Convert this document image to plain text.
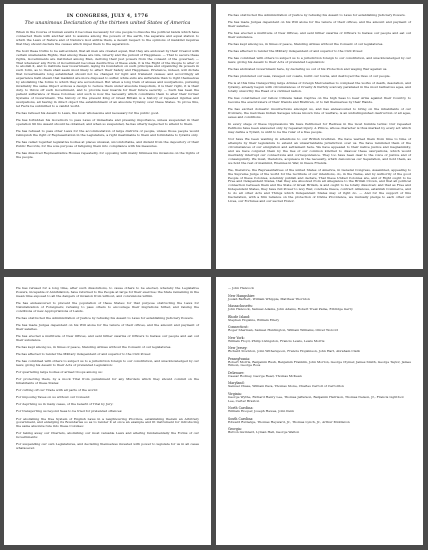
IN CONGRESS, JULY 4, 1776
The unanimous Declaration of the thirteen united States of America

When in the Course of human events it becomes necessary for one people to dissolve the political bands which have connected them with another and to assume among the powers of the earth, the separate and equal station to which the Laws of Nature and of Nature's God entitle them, a decent respect to the opinions of mankind requires that they should declare the causes which impel them to the separation.

We hold these truths to be self-evident, that all men are created equal, that they are endowed by their Creator with certain unalienable Rights, that among these are Life, Liberty and the pursuit of Happiness. — That to secure these rights, Governments are instituted among Men, deriving their just powers from the consent of the governed, — That whenever any Form of Government becomes destructive of these ends, it is the Right of the People to alter or to abolish it, and to institute new Government, laying its foundation on such principles and organizing its powers in such form, as to them shall seem most likely to effect their Safety and Happiness. Prudence, indeed, will dictate that Governments long established should not be changed for light and transient causes; and accordingly all experience hath shewn that mankind are more disposed to suffer, while evils are sufferable than to right themselves by abolishing the forms to which they are accustomed. But when a long train of abuses and usurpations, pursuing invariably the same Object evinces a design to reduce them under absolute Despotism, it is their right, it is their duty, to throw off such Government, and to provide new Guards for their future security. — Such has been the patient sufferance of these Colonies; and such is now the necessity which constrains them to alter their former Systems of Government. The history of the present King of Great Britain is a history of repeated injuries and usurpations, all having in direct object the establishment of an absolute Tyranny over these States. To prove this, let Facts be submitted to a candid world.

He has refused his Assent to Laws, the most wholesome and necessary for the public good.

He has forbidden his Governors to pass Laws of immediate and pressing importance, unless suspended in their operation till his Assent should be obtained; and when so suspended, he has utterly neglected to attend to them.

He has refused to pass other Laws for the accommodation of large districts of people, unless those people would relinquish the right of Representation in the Legislature, a right inestimable to them and formidable to tyrants only.

He has called together legislative bodies at places unusual, uncomfortable, and distant from the depository of their Public Records, for the sole purpose of fatiguing them into compliance with his measures.

He has dissolved Representative Houses repeatedly, for opposing with manly firmness his invasions on the rights of the people.

He has obstructed the Administration of Justice by refusing his Assent to Laws for establishing Judiciary Powers.

He has made Judges dependent on his Will alone for the tenure of their offices, and the amount and payment of their salaries.

He has erected a multitude of New Offices, and sent hither swarms of Officers to harass our people and eat out their substance.

He has kept among us, in times of peace, Standing Armies without the Consent of our legislatures.

He has affected to render the Military independent of and superior to the Civil Power.

He has combined with others to subject us to a jurisdiction foreign to our constitution, and unacknowledged by our laws; giving his Assent to their Acts of pretended Legislation:

He has abdicated Government here, by declaring us out of his Protection and waging War against us.

He has plundered our seas, ravaged our coasts, burnt our towns, and destroyed the lives of our people.

He is at this time transporting large Armies of foreign Mercenaries to compleat the works of death, desolation, and tyranny, already begun with circumstances of Cruelty & Perfidy scarcely paralleled in the most barbarous ages, and totally unworthy the Head of a civilized nation.

He has constrained our fellow Citizens taken Captive on the high Seas to bear Arms against their Country, to become the executioners of their friends and Brethren, or to fall themselves by their Hands.

He has excited domestic insurrections amongst us, and has endeavoured to bring on the inhabitants of our frontiers, the merciless Indian Savages whose known rule of warfare, is an undistinguished destruction of all ages, sexes and conditions.

In every stage of these Oppressions We have Petitioned for Redress in the most humble terms: Our repeated Petitions have been answered only by repeated injury. A Prince, whose character is thus marked by every act which may define a Tyrant, is unfit to be the ruler of a free people.

Nor have We been wanting in attentions to our British brethren. We have warned them from time to time of attempts by their legislature to extend an unwarrantable jurisdiction over us. We have reminded them of the circumstances of our emigration and settlement here. We have appealed to their native justice and magnanimity, and we have conjured them by the ties of our common kindred to disavow these usurpations, which would inevitably interrupt our connections and correspondence. They too have been deaf to the voice of justice and of consanguinity. We must, therefore, acquiesce in the necessity, which denounces our Separation, and hold them, as we hold the rest of mankind, Enemies in War, in Peace Friends.

We, therefore, the Representatives of the united States of America, in General Congress, Assembled, appealing to the Supreme Judge of the world for the rectitude of our intentions, do, in the Name, and by Authority of the good People of these Colonies, solemnly publish and declare, That these United Colonies are, and of Right ought to be Free and Independent States, that they are Absolved from all Allegiance to the British Crown, and that all political connection between them and the State of Great Britain, is and ought to be totally dissolved; and that as Free and Independent States, they have full Power to levy War, conclude Peace, contract Alliances, establish Commerce, and to do all other Acts and Things which Independent States may of right do. — And for the support of this Declaration, with a firm reliance on the protection of Divine Providence, we mutually pledge to each other our Lives, our Fortunes and our sacred Honor.

He has refused for a long time, after such dissolutions, to cause others to be elected, whereby the Legislative Powers, incapable of Annihilation, have returned to the People at large for their exercise; the State remaining in the mean time exposed to all the dangers of invasion from without, and convulsions within.

He has endeavoured to prevent the population of these States; for that purpose obstructing the Laws for Naturalization of Foreigners; refusing to pass others to encourage their migrations hither, and raising the conditions of new Appropriations of Lands.

He has obstructed the Administration of Justice by refusing his Assent to Laws for establishing Judiciary Powers.

He has made Judges dependent on his Will alone for the tenure of their offices, and the amount and payment of their salaries.

He has erected a multitude of New Offices, and sent hither swarms of Officers to harass our people and eat out their substance.

He has kept among us, in times of peace, Standing Armies without the Consent of our legislatures.

He has affected to render the Military independent of and superior to the Civil Power.

He has combined with others to subject us to a jurisdiction foreign to our constitution, and unacknowledged by our laws; giving his Assent to their Acts of pretended Legislation:

For quartering large bodies of armed troops among us:

For protecting them, by a mock Trial from punishment for any Murders which they should commit on the Inhabitants of these States:

For cutting off our Trade with all parts of the world:

For imposing Taxes on us without our Consent:

For depriving us in many cases, of the benefit of Trial by Jury:

For transporting us beyond Seas to be tried for pretended offences:

For abolishing the free System of English Laws in a neighbouring Province, establishing therein an Arbitrary government, and enlarging its Boundaries so as to render it at once an example and fit instrument for introducing the same absolute rule into these Colonies:

For taking away our Charters, abolishing our most valuable Laws and altering fundamentally the Forms of our Governments:

For suspending our own Legislatures, and declaring themselves invested with power to legislate for us in all cases whatsoever.

— John Hancock
New Hampshire:
Josiah Bartlett, William Whipple, Matthew Thornton
Massachusetts:
John Hancock, Samuel Adams, John Adams, Robert Treat Paine, Elbridge Gerry
Rhode Island:
Stephen Hopkins, William Ellery
Connecticut:
Roger Sherman, Samuel Huntington, William Williams, Oliver Wolcott
New York:
William Floyd, Philip Livingston, Francis Lewis, Lewis Morris
New Jersey:
Richard Stockton, John Witherspoon, Francis Hopkinson, John Hart, Abraham Clark
Pennsylvania:
Robert Morris, Benjamin Rush, Benjamin Franklin, John Morton, George Clymer, James Smith, George Taylor, James Wilson, George Ross
Delaware:
Caesar Rodney, George Read, Thomas McKean
Maryland:
Samuel Chase, William Paca, Thomas Stone, Charles Carroll of Carrollton
Virginia:
George Wythe, Richard Henry Lee, Thomas Jefferson, Benjamin Harrison, Thomas Nelson, Jr., Francis Lightfoot Lee, Carter Braxton
North Carolina:
William Hooper, Joseph Hewes, John Penn
South Carolina:
Edward Rutledge, Thomas Heyward, Jr., Thomas Lynch, Jr., Arthur Middleton
Georgia:
Button Gwinnett, Lyman Hall, George Walton
